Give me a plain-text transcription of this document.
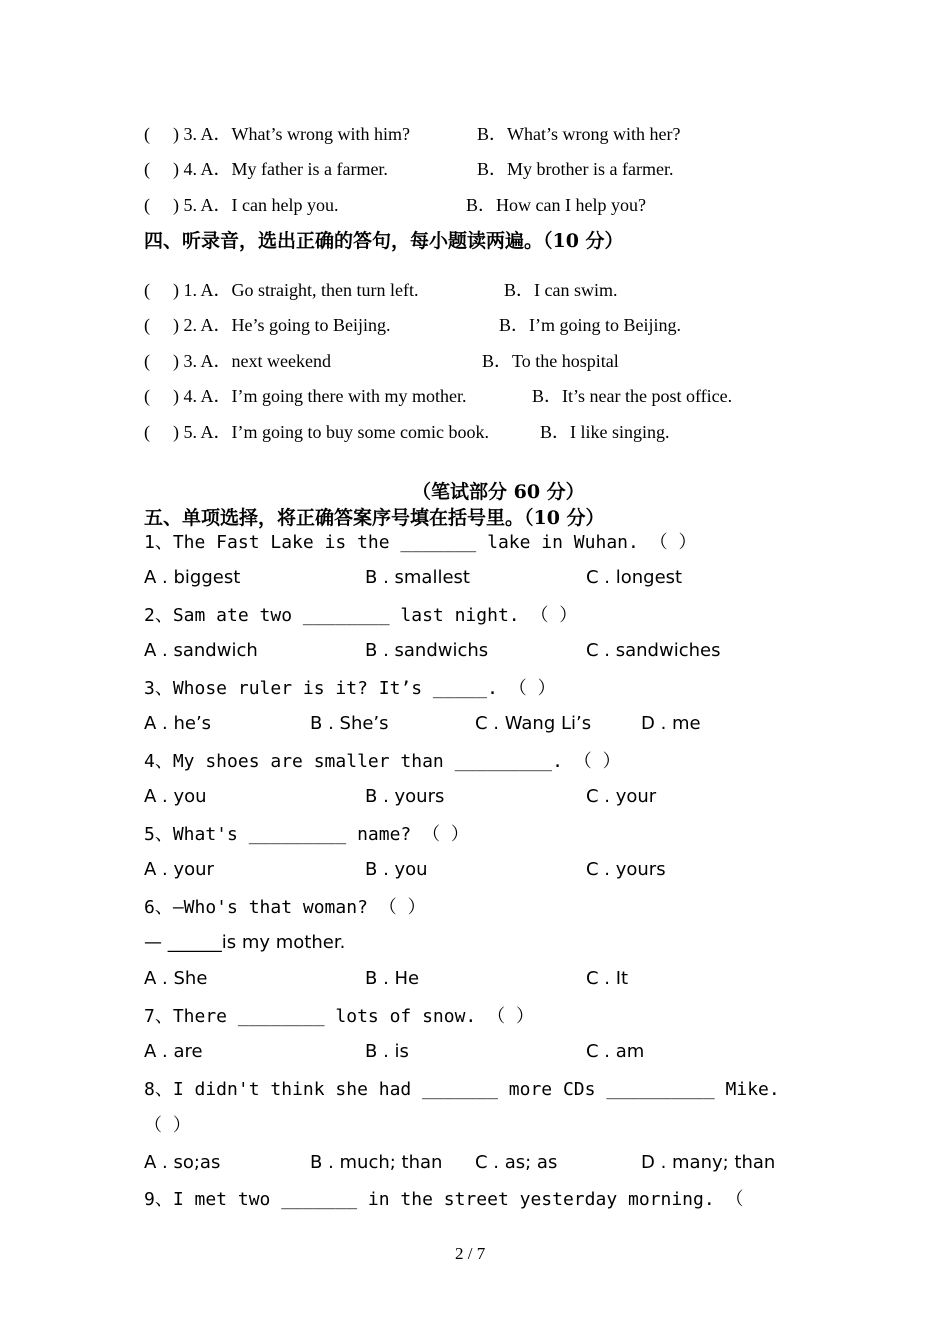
( ) 3. A．What’s wrong with him?	B．What’s wrong with her?
( ) 4. A．My father is a farmer.	B．My brother is a farmer.
( ) 5. A．I can help you.	B．How can I help you?
四、听录音，选出正确的答句，每小题读两遍。（10 分）
( ) 1. A．Go straight, then turn left.	B．I can swim.
( ) 2. A．He’s going to Beijing.	B．I’m going to Beijing.
( ) 3. A．next weekend	B．To the hospital
( ) 4. A．I’m going there with my mother.	B．It’s near the post office.
( ) 5. A．I’m going to buy some comic book.	B．I like singing.
（笔试部分 60 分）
五、单项选择，将正确答案序号填在括号里。（10 分）
1、The Fast Lake is the _______ lake in Wuhan. （ ）
A . biggest	B . smallest	C . longest
2、Sam ate two ________ last night. （ ）
A . sandwich	B . sandwichs	C . sandwiches
3、Whose ruler is it? It’s _____. （ ）
A . he’s	B . She’s	C . Wang Li’s	D . me
4、My shoes are smaller than _________. （ ）
A . you	B . yours	C . your
5、What's _________ name? （ ）
A . your	B . you	C . yours
6、—Who's that woman? （ ）
— ______is my mother.
A . She	B . He	C . It
7、There ________ lots of snow. （ ）
A . are	B . is	C . am
8、I didn't think she had _______ more CDs __________ Mike.
（ ）
A . so;as	B . much; than C . as; as	D . many; than
9、I met two _______ in the street yesterday morning. （
2 / 7
